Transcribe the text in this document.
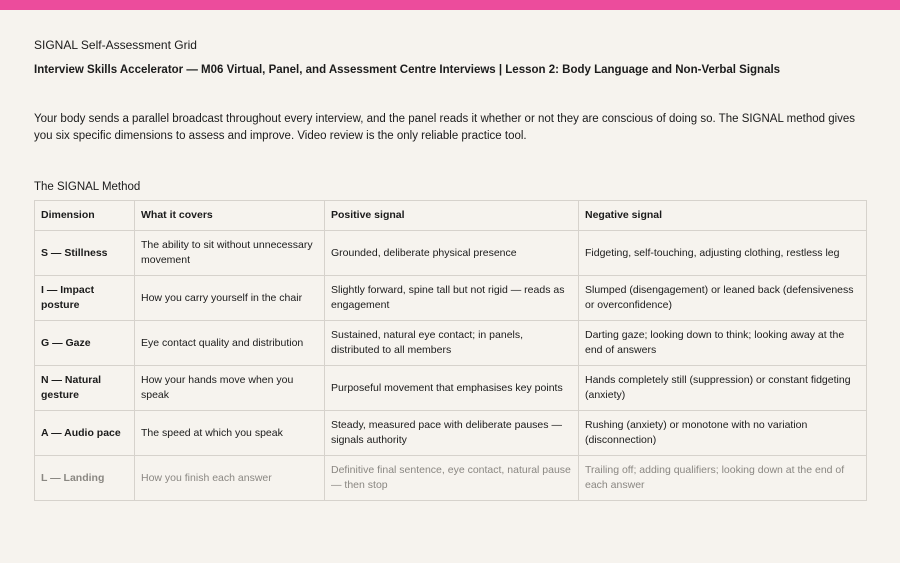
SIGNAL Self-Assessment Grid
Interview Skills Accelerator — M06 Virtual, Panel, and Assessment Centre Interviews | Lesson 2: Body Language and Non-Verbal Signals

Your body sends a parallel broadcast throughout every interview, and the panel reads it whether or not they are conscious of doing so. The SIGNAL method gives you six specific dimensions to assess and improve. Video review is the only reliable practice tool.

The SIGNAL Method
Dimension	What it covers	Positive signal	Negative signal
S — Stillness	The ability to sit without unnecessary movement	Grounded, deliberate physical presence	Fidgeting, self-touching, adjusting clothing, restless leg
I — Impact posture	How you carry yourself in the chair	Slightly forward, spine tall but not rigid — reads as engagement	Slumped (disengagement) or leaned back (defensiveness or overconfidence)
G — Gaze	Eye contact quality and distribution	Sustained, natural eye contact; in panels, distributed to all members	Darting gaze; looking down to think; looking away at the end of answers
N — Natural gesture	How your hands move when you speak	Purposeful movement that emphasises key points	Hands completely still (suppression) or constant fidgeting (anxiety)
A — Audio pace	The speed at which you speak	Steady, measured pace with deliberate pauses — signals authority	Rushing (anxiety) or monotone with no variation (disconnection)
L — Landing	How you finish each answer	Definitive final sentence, eye contact, natural pause — then stop	Trailing off; adding qualifiers; looking down at the end of each answer
